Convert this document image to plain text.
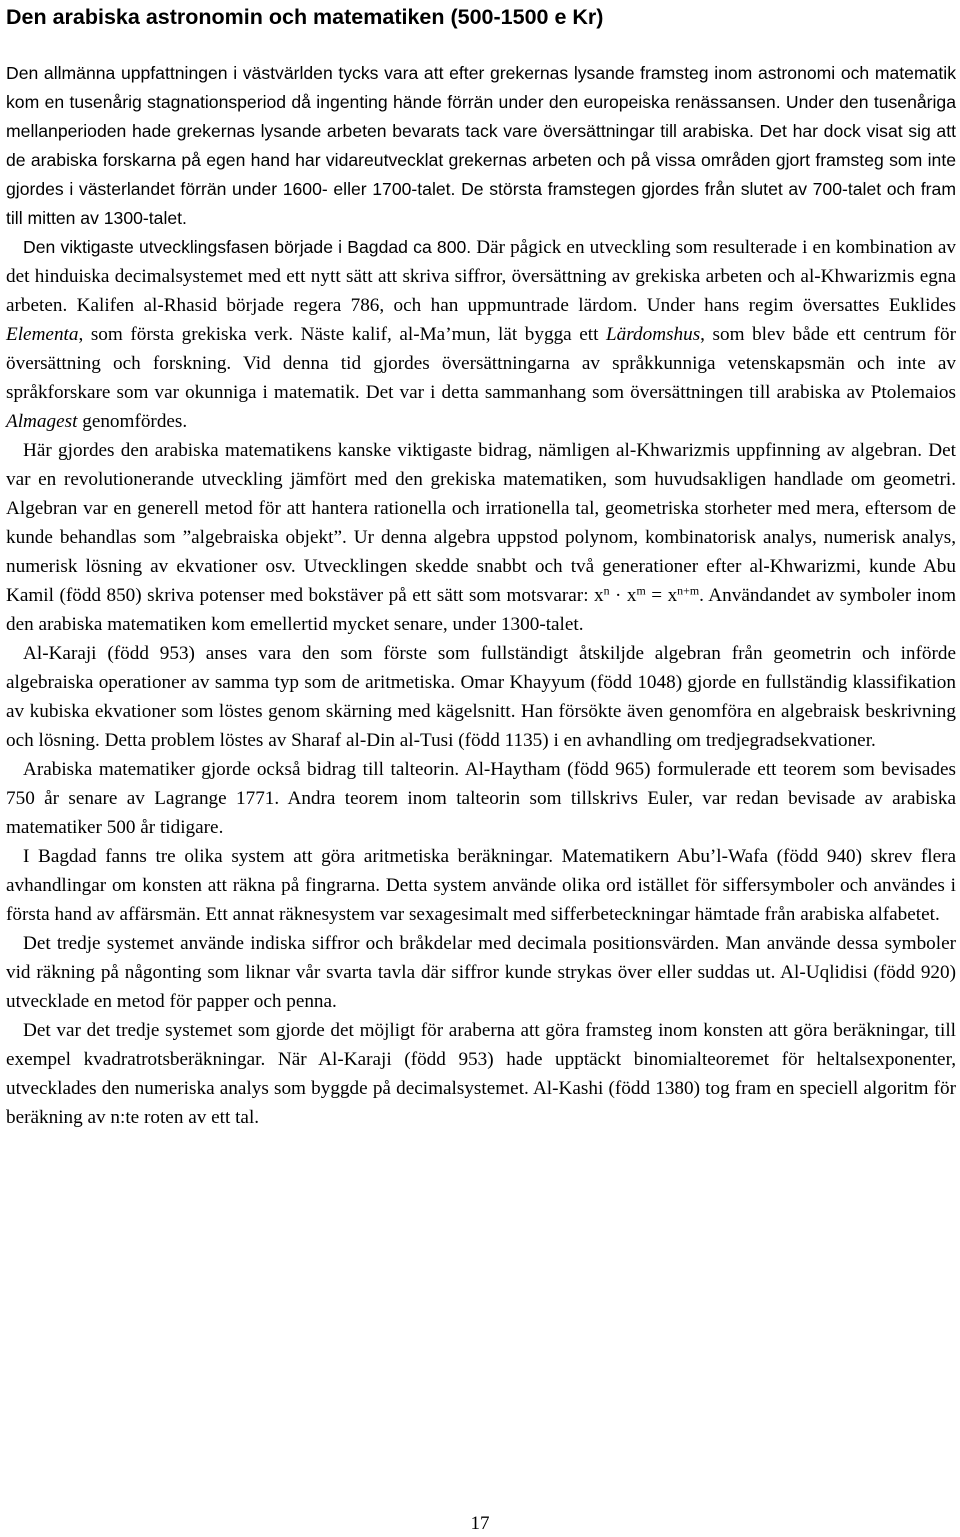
Den arabiska astronomin och matematiken (500-1500 e Kr)

Den allmänna uppfattningen i västvärlden tycks vara att efter grekernas lysande framsteg inom astronomi och matematik kom en tusenårig stagnationsperiod då ingenting hände förrän under den europeiska renässansen. Under den tusenåriga mellanperioden hade grekernas lysande arbeten bevarats tack vare översättningar till arabiska. Det har dock visat sig att de arabiska forskarna på egen hand har vidareutvecklat grekernas arbeten och på vissa områden gjort framsteg som inte gjordes i västerlandet förrän under 1600- eller 1700-talet. De största framstegen gjordes från slutet av 700-talet och fram till mitten av 1300-talet.

Den viktigaste utvecklingsfasen började i Bagdad ca 800. Där pågick en utveckling som resulterade i en kombination av det hinduiska decimalsystemet med ett nytt sätt att skriva siffror, översättning av grekiska arbeten och al-Khwarizmis egna arbeten. Kalifen al-Rhasid började regera 786, och han uppmuntrade lärdom. Under hans regim översattes Euklides Elementa, som första grekiska verk. Näste kalif, al-Ma’mun, lät bygga ett Lärdomshus, som blev både ett centrum för översättning och forskning. Vid denna tid gjordes översättningarna av språkkunniga vetenskapsmän och inte av språkforskare som var okunniga i matematik. Det var i detta sammanhang som översättningen till arabiska av Ptolemaios Almagest genomfördes.

Här gjordes den arabiska matematikens kanske viktigaste bidrag, nämligen al-Khwarizmis uppfinning av algebran. Det var en revolutionerande utveckling jämfört med den grekiska matematiken, som huvudsakligen handlade om geometri. Algebran var en generell metod för att hantera rationella och irrationella tal, geometriska storheter med mera, eftersom de kunde behandlas som ”algebraiska objekt”. Ur denna algebra uppstod polynom, kombinatorisk analys, numerisk analys, numerisk lösning av ekvationer osv. Utvecklingen skedde snabbt och två generationer efter al-Khwarizmi, kunde Abu Kamil (född 850) skriva potenser med bokstäver på ett sätt som motsvarar: $x^n \cdot x^m = x^{n+m}$. Användandet av symboler inom den arabiska matematiken kom emellertid mycket senare, under 1300-talet.

Al-Karaji (född 953) anses vara den som förste som fullständigt åtskiljde algebran från geometrin och införde algebraiska operationer av samma typ som de aritmetiska. Omar Khayyum (född 1048) gjorde en fullständig klassifikation av kubiska ekvationer som löstes genom skärning med kägelsnitt. Han försökte även genomföra en algebraisk beskrivning och lösning. Detta problem löstes av Sharaf al-Din al-Tusi (född 1135) i en avhandling om tredjegradsekvationer.

Arabiska matematiker gjorde också bidrag till talteorin. Al-Haytham (född 965) formulerade ett teorem som bevisades 750 år senare av Lagrange 1771. Andra teorem inom talteorin som tillskrivs Euler, var redan bevisade av arabiska matematiker 500 år tidigare.

I Bagdad fanns tre olika system att göra aritmetiska beräkningar. Matematikern Abu’l-Wafa (född 940) skrev flera avhandlingar om konsten att räkna på fingrarna. Detta system använde olika ord istället för siffersymboler och användes i första hand av affärsmän. Ett annat räknesystem var sexagesimalt med sifferbeteckningar hämtade från arabiska alfabetet.

Det tredje systemet använde indiska siffror och bråkdelar med decimala positionsvärden. Man använde dessa symboler vid räkning på någonting som liknar vår svarta tavla där siffror kunde strykas över eller suddas ut. Al-Uqlidisi (född 920) utvecklade en metod för papper och penna.

Det var det tredje systemet som gjorde det möjligt för araberna att göra framsteg inom konsten att göra beräkningar, till exempel kvadratrotsberäkningar. När Al-Karaji (född 953) hade upptäckt binomialteoremet för heltalsexponenter, utvecklades den numeriska analys som byggde på decimalsystemet. Al-Kashi (född 1380) tog fram en speciell algoritm för beräkning av n:te roten av ett tal.

17
